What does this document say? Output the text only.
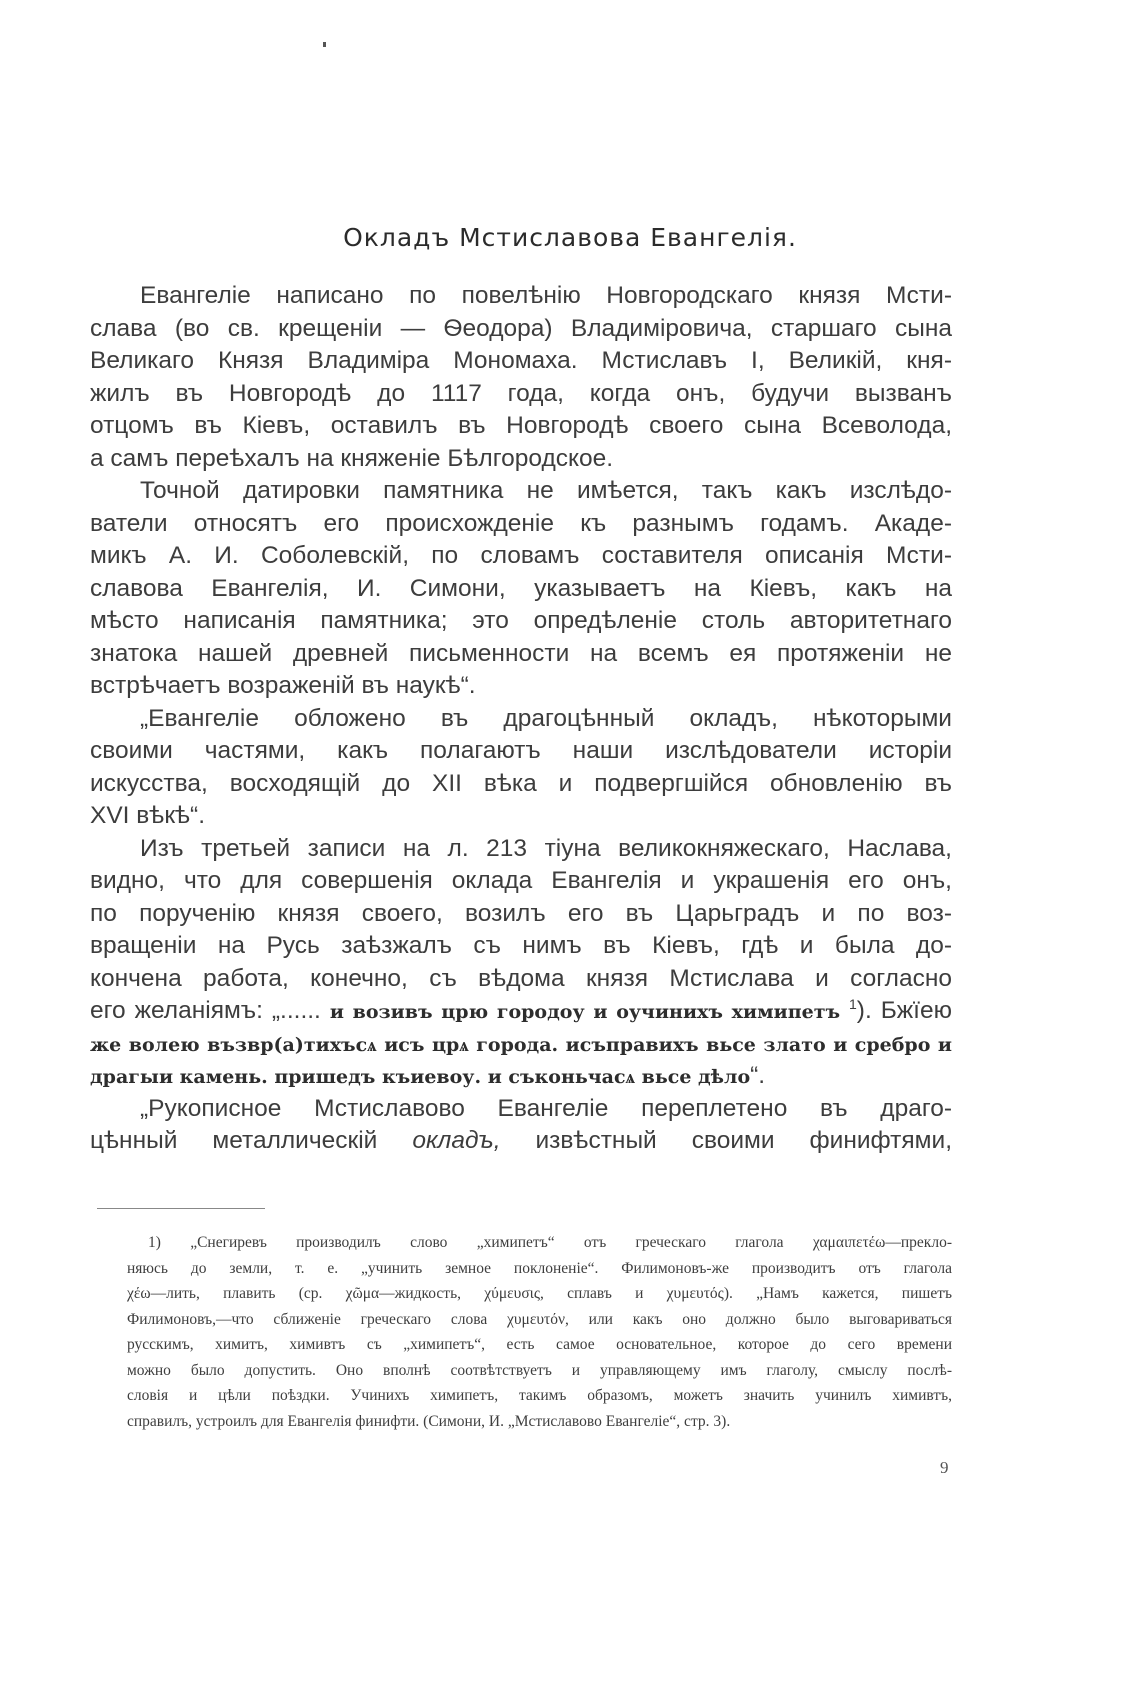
Окладъ Мстиславова Евангелія.
Евангеліе написано по повелѣнію Новгородскаго князя Мсти-
слава (во св. крещеніи — Ѳеодора) Владиміровича, старшаго сына
Великаго Князя Владиміра Мономаха. Мстиславъ I, Великій, кня-
жилъ въ Новгородѣ до 1117 года, когда онъ, будучи вызванъ
отцомъ въ Кіевъ, оставилъ въ Новгородѣ своего сына Всеволода,
а самъ переѣхалъ на княженіе Бѣлгородское.
Точной датировки памятника не имѣется, такъ какъ изслѣдо-
ватели относятъ его происхожденіе къ разнымъ годамъ. Акаде-
микъ А. И. Соболевскій, по словамъ составителя описанія Мсти-
славова Евангелія, И. Симони, указываетъ на Кіевъ, какъ на
мѣсто написанія памятника; это опредѣленіе столь авторитетнаго
знатока нашей древней письменности на всемъ ея протяженіи не
встрѣчаетъ возраженій въ наукѣ“.
„Евангеліе обложено въ драгоцѣнный окладъ, нѣкоторыми
своими частями, какъ полагаютъ наши изслѣдователи исторіи
искусства, восходящій до XII вѣка и подвергшійся обновленію въ
XVI вѣкѣ“.
Изъ третьей записи на л. 213 тіуна великокняжескаго, Наслава,
видно, что для совершенія оклада Евангелія и украшенія его онъ,
по порученію князя своего, возилъ его въ Царьградъ и по воз-
вращеніи на Русь заѣзжалъ съ нимъ въ Кіевъ, гдѣ и была до-
кончена работа, конечно, съ вѣдома князя Мстислава и согласно
его желаніямъ: „...... и возивъ црю городоу и оучинихъ химипетъ $^1$). Бжїею
же волею възвр(а)тихъсѧ исъ црѧ города. исъправихъ вьсе злато и сребро и
драгыи камень. пришедъ къиевоу. и съконьчасѧ вьсе дѣло“.
„Рукописное Мстиславово Евангеліе переплетено въ драго-
цѣнный металлическій окладъ, извѣстный своими финифтями,
1) „Снегиревъ производилъ слово „химипетъ“ отъ греческаго глагола χαμαιπετέω—прекло-
няюсь до земли, т. е. „учинить земное поклоненіе“. Филимоновъ-же производитъ отъ глагола
χέω—лить, плавить (ср. χῶμα—жидкость, χύμευσις, сплавъ и χυμευτός). „Намъ кажется, пишетъ
Филимоновъ,—что сближеніе греческаго слова χυμευτόν, или какъ оно должно было выговариваться
русскимъ, химитъ, химивтъ съ „химипетъ“, есть самое основательное, которое до сего времени
можно было допустить. Оно вполнѣ соотвѣтствуетъ и управляющему имъ глаголу, смыслу послѣ-
словія и цѣли поѣздки. Учинихъ химипетъ, такимъ образомъ, можетъ значить учинилъ химивтъ,
справилъ, устроилъ для Евангелія финифти. (Симони, И. „Мстиславово Евангеліе“, стр. 3).
9
